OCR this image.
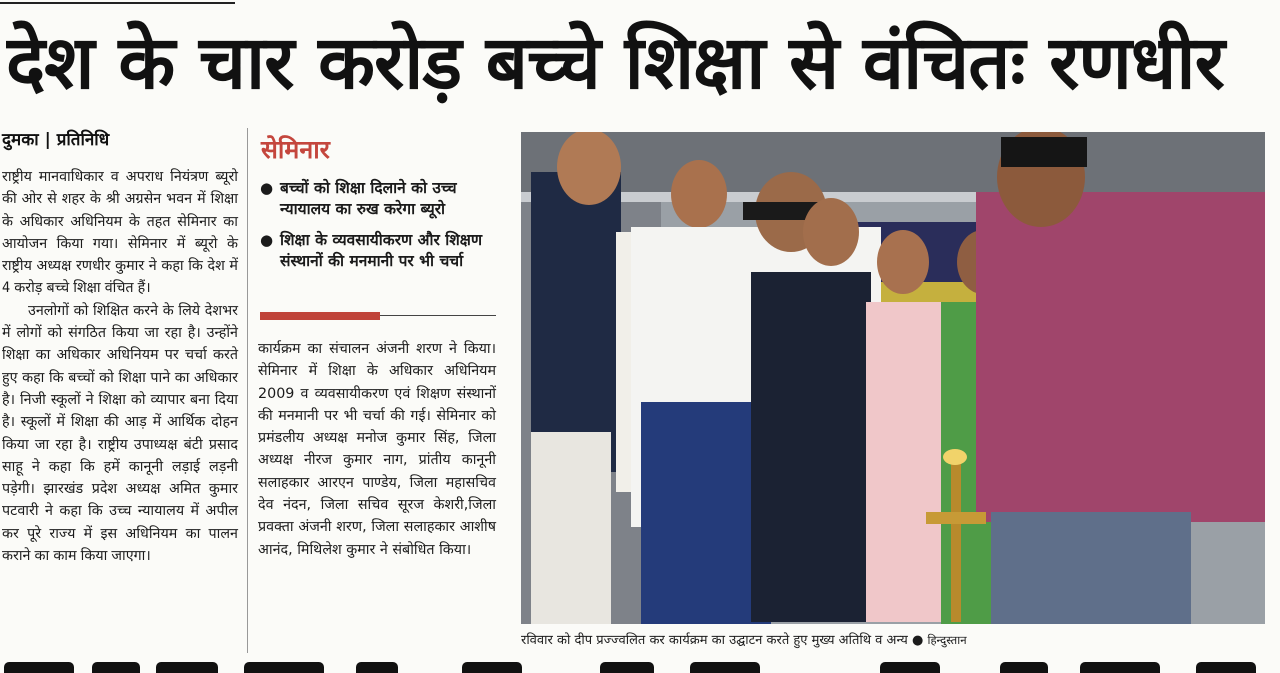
देश के चार करोड़ बच्चे शिक्षा से वंचितः रणधीर
दुमका | प्रतिनिधि

राष्ट्रीय मानवाधिकार व अपराध नियंत्रण ब्यूरो की ओर से शहर के श्री अग्रसेन भवन में शिक्षा के अधिकार अधिनियम के तहत सेमिनार का आयोजन किया गया। सेमिनार में ब्यूरो के राष्ट्रीय अध्यक्ष रणधीर कुमार ने कहा कि देश में 4 करोड़ बच्चे शिक्षा वंचित हैं।

उनलोगों को शिक्षित करने के लिये देशभर में लोगों को संगठित किया जा रहा है। उन्होंने शिक्षा का अधिकार अधिनियम पर चर्चा करते हुए कहा कि बच्चों को शिक्षा पाने का अधिकार है। निजी स्कूलों ने शिक्षा को व्यापार बना दिया है। स्कूलों में शिक्षा की आड़ में आर्थिक दोहन किया जा रहा है। राष्ट्रीय उपाध्यक्ष बंटी प्रसाद साहू ने कहा कि हमें कानूनी लड़ाई लड़नी पड़ेगी। झारखंड प्रदेश अध्यक्ष अमित कुमार पटवारी ने कहा कि उच्च न्यायालय में अपील कर पूरे राज्य में इस अधिनियम का पालन कराने का काम किया जाएगा।

सेमिनार
● बच्चों को शिक्षा दिलाने को उच्च न्यायालय का रुख करेगा ब्यूरो
● शिक्षा के व्यवसायीकरण और शिक्षण संस्थानों की मनमानी पर भी चर्चा

कार्यक्रम का संचालन अंजनी शरण ने किया। सेमिनार में शिक्षा के अधिकार अधिनियम 2009 व व्यवसायीकरण एवं शिक्षण संस्थानों की मनमानी पर भी चर्चा की गई। सेमिनार को प्रमंडलीय अध्यक्ष मनोज कुमार सिंह, जिला अध्यक्ष नीरज कुमार नाग, प्रांतीय कानूनी सलाहकार आरएन पाण्डेय, जिला महासचिव देव नंदन, जिला सचिव सूरज केशरी,जिला प्रवक्ता अंजनी शरण, जिला सलाहकार आशीष आनंद, मिथिलेश कुमार ने संबोधित किया।

रविवार को दीप प्रज्ज्वलित कर कार्यक्रम का उद्घाटन करते हुए मुख्य अतिथि व अन्य ● हिन्दुस्तान
